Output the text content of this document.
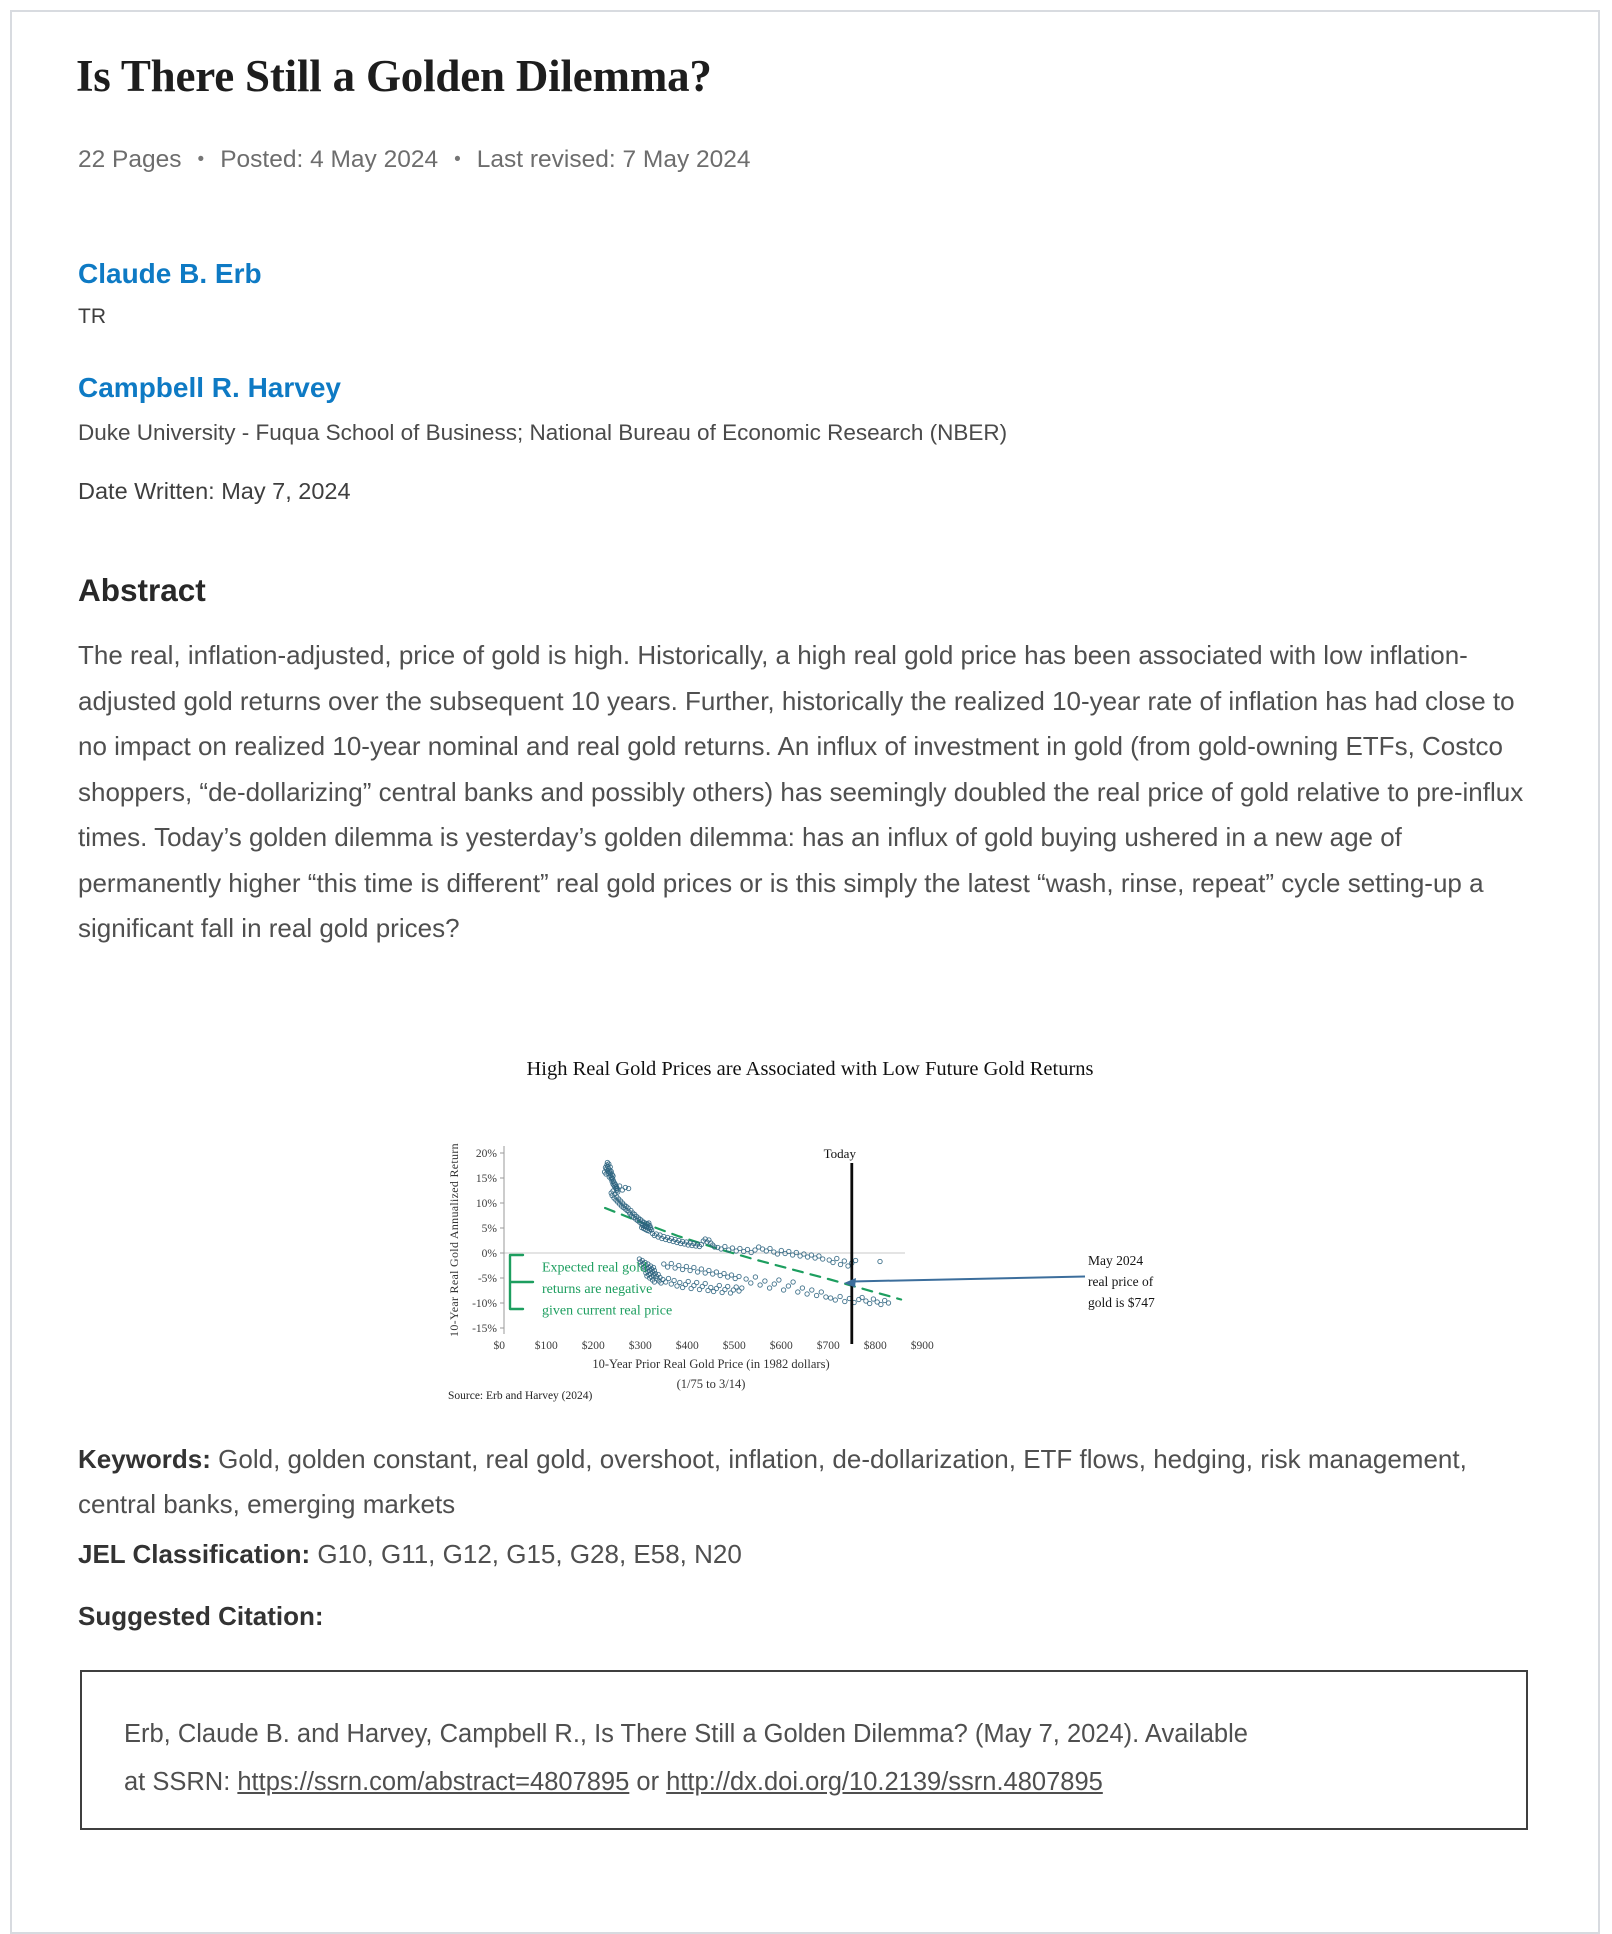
Is There Still a Golden Dilemma?
22 Pages • Posted: 4 May 2024 • Last revised: 7 May 2024
Claude B. Erb
TR
Campbell R. Harvey
Duke University - Fuqua School of Business; National Bureau of Economic Research (NBER)
Date Written: May 7, 2024
Abstract

The real, inflation-adjusted, price of gold is high. Historically, a high real gold price has been associated with low inflation-adjusted gold returns over the subsequent 10 years. Further, historically the realized 10-year rate of inflation has had close to no impact on realized 10-year nominal and real gold returns. An influx of investment in gold (from gold-owning ETFs, Costco shoppers, “de-dollarizing” central banks and possibly others) has seemingly doubled the real price of gold relative to pre-influx times. Today’s golden dilemma is yesterday’s golden dilemma: has an influx of gold buying ushered in a new age of permanently higher “this time is different” real gold prices or is this simply the latest “wash, rinse, repeat” cycle setting-up a significant fall in real gold prices?

High Real Gold Prices are Associated with Low Future Gold Returns
20%
15%
10%
5%
0%
-5%
-10%
-15%
$0	$100 $200 $300 $400 $500 $600 $700 $800 $900
10-Year Prior Real Gold Price (in 1982 dollars)
(1/75 to 3/14)
10-Year Real Gold Annualized Return	Today
Expected real gold
returns are negative
given current real price
May 2024
real price of
gold is $747
Source: Erb and Harvey (2024)

Keywords: Gold, golden constant, real gold, overshoot, inflation, de-dollarization, ETF flows, hedging, risk management, central banks, emerging markets

JEL Classification: G10, G11, G12, G15, G28, E58, N20

Suggested Citation:

Erb, Claude B. and Harvey, Campbell R., Is There Still a Golden Dilemma? (May 7, 2024). Available
at SSRN: https://ssrn.com/abstract=4807895 or http://dx.doi.org/10.2139/ssrn.4807895
